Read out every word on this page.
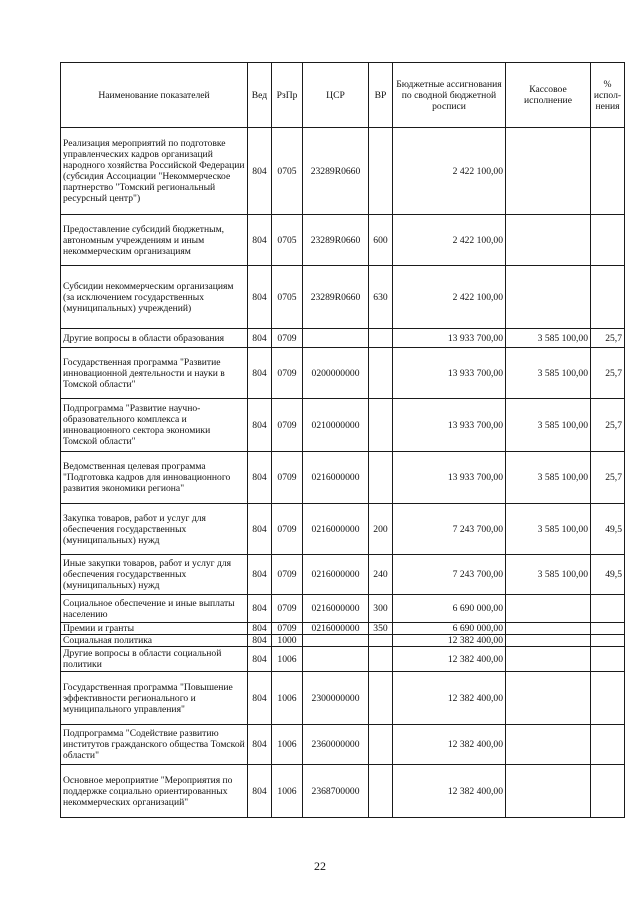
Наименование показателей	Вед	РзПр	ЦСР	ВР	Бюджетные ассигнования по сводной бюджетной росписи	Кассовое исполнение	% испол-нения
Реализация мероприятий по подготовке управленческих кадров организаций народного хозяйства Российской Федерации (субсидия Ассоциации "Некоммерческое партнерство "Томский региональный ресурсный центр")	804	0705	23289R0660		2 422 100,00		
Предоставление субсидий бюджетным, автономным учреждениям и иным некоммерческим организациям	804	0705	23289R0660	600	2 422 100,00		
Субсидии некоммерческим организациям (за исключением государственных (муниципальных) учреждений)	804	0705	23289R0660	630	2 422 100,00		
Другие вопросы в области образования	804	0709			13 933 700,00	3 585 100,00	25,7
Государственная программа "Развитие инновационной деятельности и науки в Томской области"	804	0709	0200000000		13 933 700,00	3 585 100,00	25,7
Подпрограмма "Развитие научно-образовательного комплекса и инновационного сектора экономики Томской области"	804	0709	0210000000		13 933 700,00	3 585 100,00	25,7
Ведомственная целевая программа "Подготовка кадров для инновационного развития экономики региона"	804	0709	0216000000		13 933 700,00	3 585 100,00	25,7
Закупка товаров, работ и услуг для обеспечения государственных (муниципальных) нужд	804	0709	0216000000	200	7 243 700,00	3 585 100,00	49,5
Иные закупки товаров, работ и услуг для обеспечения государственных (муниципальных) нужд	804	0709	0216000000	240	7 243 700,00	3 585 100,00	49,5
Социальное обеспечение и иные выплаты населению	804	0709	0216000000	300	6 690 000,00		
Премии и гранты	804	0709	0216000000	350	6 690 000,00		
Социальная политика	804	1000			12 382 400,00		
Другие вопросы в области социальной политики	804	1006			12 382 400,00		
Государственная программа "Повышение эффективности регионального и муниципального управления"	804	1006	2300000000		12 382 400,00		
Подпрограмма "Содействие развитию институтов гражданского общества Томской области"	804	1006	2360000000		12 382 400,00		
Основное мероприятие "Мероприятия по поддержке социально ориентированных некоммерческих организаций"	804	1006	2368700000		12 382 400,00		
22
